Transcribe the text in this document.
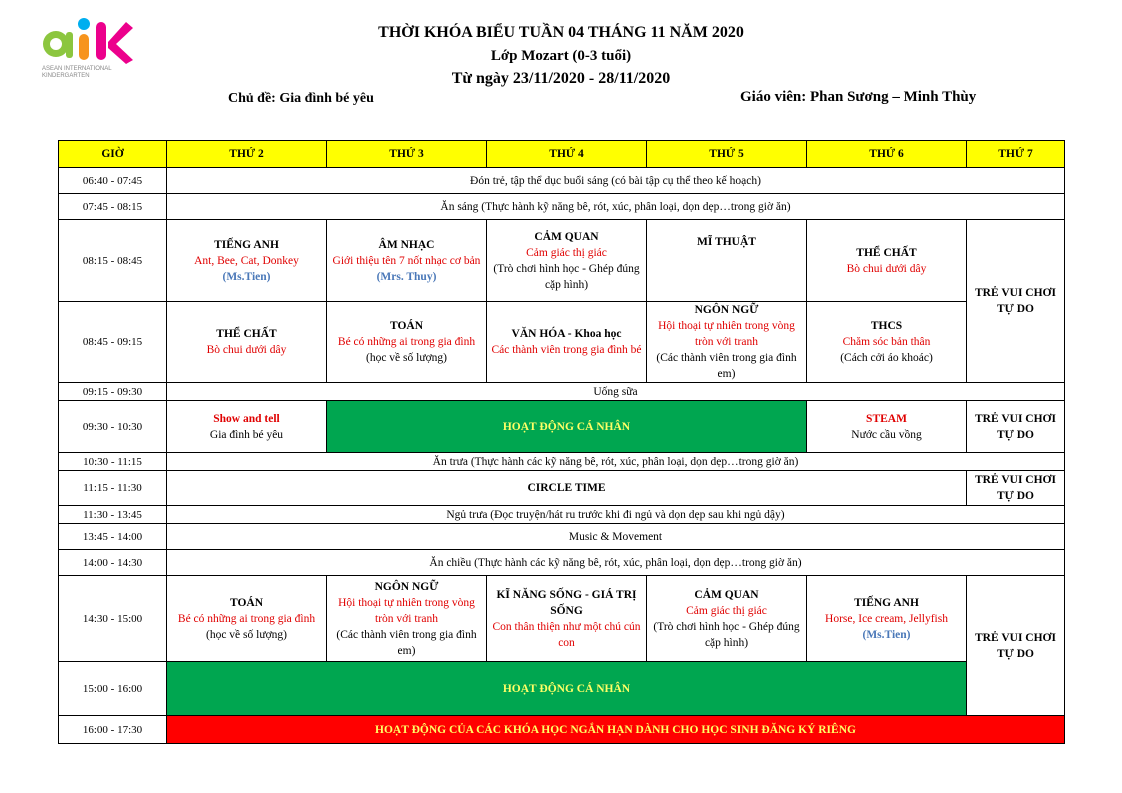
ASEAN INTERNATIONAL
KINDERGARTEN
THỜI KHÓA BIỂU TUẦN 04 THÁNG 11 NĂM 2020
Lớp Mozart (0-3 tuổi)
Từ ngày 23/11/2020 - 28/11/2020
Chủ đề: Gia đình bé yêu	Giáo viên: Phan Sương – Minh Thùy
GIỜ	THỨ 2	THỨ 3	THỨ 4	THỨ 5	THỨ 6	THỨ 7
06:40 - 07:45	Đón trẻ, tập thể dục buổi sáng (có bài tập cụ thể theo kế hoạch)					
07:45 - 08:15	Ăn sáng (Thực hành kỹ năng bê, rót, xúc, phân loại, dọn dẹp…trong giờ ăn)					
08:15 - 08:45	TIẾNG ANH
Ant, Bee, Cat, Donkey
(Ms.Tien)	ÂM NHẠC
Giới thiệu tên 7 nốt nhạc cơ bản
(Mrs. Thuy)	CẢM QUAN
Cảm giác thị giác
(Trò chơi hình học - Ghép đúng cặp hình)	MĨ THUẬT	THỂ CHẤT
Bò chui dưới dây	TRẺ VUI CHƠI TỰ DO
08:45 - 09:15	THỂ CHẤT
Bò chui dưới dây	TOÁN
Bé có những ai trong gia đình
(học về số lượng)	VĂN HÓA - Khoa học
Các thành viên trong gia đình bé	NGÔN NGỮ
Hội thoại tự nhiên trong vòng tròn với tranh
(Các thành viên trong gia đình em)	THCS
Chăm sóc bản thân
(Cách cởi áo khoác)	

09:15 - 09:30	Uống sữa					
09:30 - 10:30	Show and tell
Gia đình bé yêu	HOẠT ĐỘNG CÁ NHÂN			STEAM
Nước cầu vồng	TRẺ VUI CHƠI TỰ DO
10:30 - 11:15	Ăn trưa (Thực hành các kỹ năng bê, rót, xúc, phân loại, dọn dẹp…trong giờ ăn)					
11:15 - 11:30	CIRCLE TIME					TRẺ VUI CHƠI TỰ DO
11:30 - 13:45	Ngủ trưa (Đọc truyện/hát ru trước khi đi ngủ và dọn dẹp sau khi ngủ dậy)					
13:45 - 14:00	Music & Movement					
14:00 - 14:30	Ăn chiều (Thực hành các kỹ năng bê, rót, xúc, phân loại, dọn dẹp…trong giờ ăn)					
14:30 - 15:00	TOÁN
Bé có những ai trong gia đình
(học về số lượng)	NGÔN NGỮ
Hội thoại tự nhiên trong vòng tròn với tranh
(Các thành viên trong gia đình em)	KĨ NĂNG SỐNG - GIÁ TRỊ SỐNG
Con thân thiện như một chú cún con	CẢM QUAN
Cảm giác thị giác
(Trò chơi hình học - Ghép đúng cặp hình)	TIẾNG ANH
Horse, Ice cream, Jellyfish
(Ms.Tien)	TRẺ VUI CHƠI TỰ DO
15:00 - 16:00	HOẠT ĐỘNG CÁ NHÂN					
16:00 - 17:30	HOẠT ĐỘNG CỦA CÁC KHÓA HỌC NGẮN HẠN DÀNH CHO HỌC SINH ĐĂNG KÝ RIÊNG					
